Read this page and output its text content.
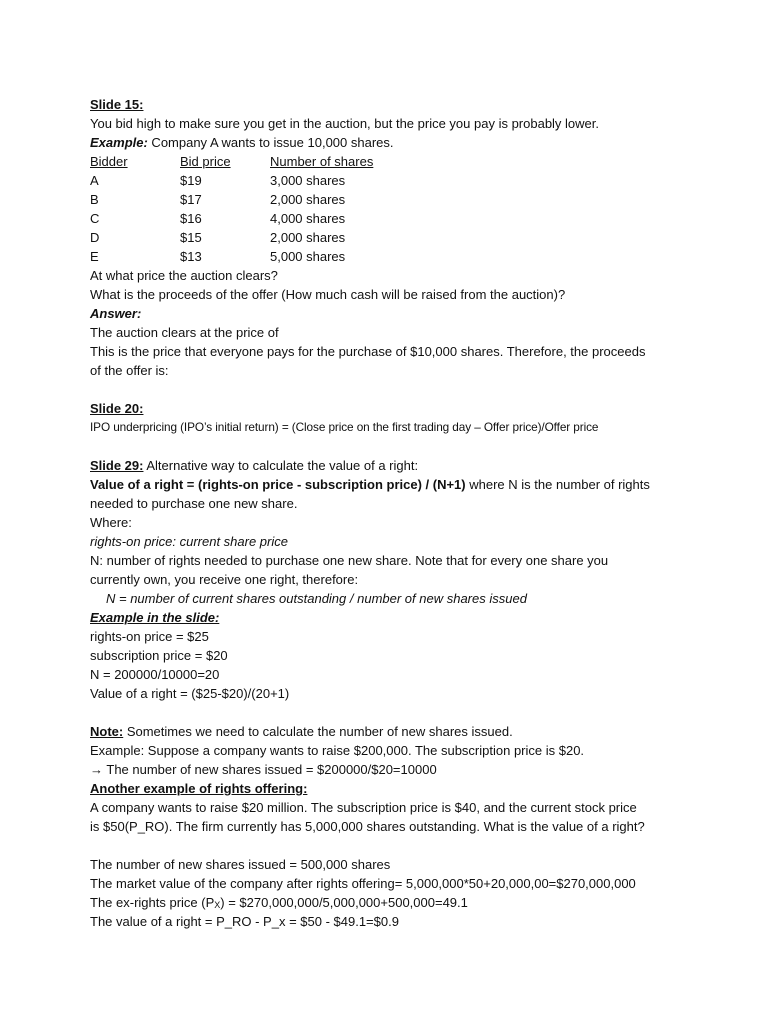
Slide 15:
You bid high to make sure you get in the auction, but the price you pay is probably lower.
Example: Company A wants to issue 10,000 shares.
Bidder	Bid price	Number of shares
A	$19	3,000 shares
B	$17	2,000 shares
C	$16	4,000 shares
D	$15	2,000 shares
E	$13	5,000 shares
At what price the auction clears?
What is the proceeds of the offer (How much cash will be raised from the auction)?
Answer:
The auction clears at the price of
This is the price that everyone pays for the purchase of $10,000 shares. Therefore, the proceeds
of the offer is:
Slide 20:
IPO underpricing (IPO’s initial return) = (Close price on the first trading day – Offer price)/Offer price
Slide 29: Alternative way to calculate the value of a right:
Value of a right = (rights-on price - subscription price) / (N+1) where N is the number of rights
needed to purchase one new share.
Where:
rights-on price: current share price
N: number of rights needed to purchase one new share. Note that for every one share you
currently own, you receive one right, therefore:
N = number of current shares outstanding / number of new shares issued
Example in the slide:
rights-on price = $25
subscription price = $20
N = 200000/10000=20
Value of a right = ($25-$20)/(20+1)
Note: Sometimes we need to calculate the number of new shares issued.
Example: Suppose a company wants to raise $200,000. The subscription price is $20.
→ The number of new shares issued = $200000/$20=10000
Another example of rights offering:
A company wants to raise $20 million. The subscription price is $40, and the current stock price
is $50(P_RO). The firm currently has 5,000,000 shares outstanding. What is the value of a right?
The number of new shares issued = 500,000 shares
The market value of the company after rights offering= 5,000,000*50+20,000,00=$270,000,000
The ex-rights price $(P_X)$ = $270,000,000/5,000,000+500,000=49.1
The value of a right = P_RO - P_x = $50 - $49.1=$0.9
